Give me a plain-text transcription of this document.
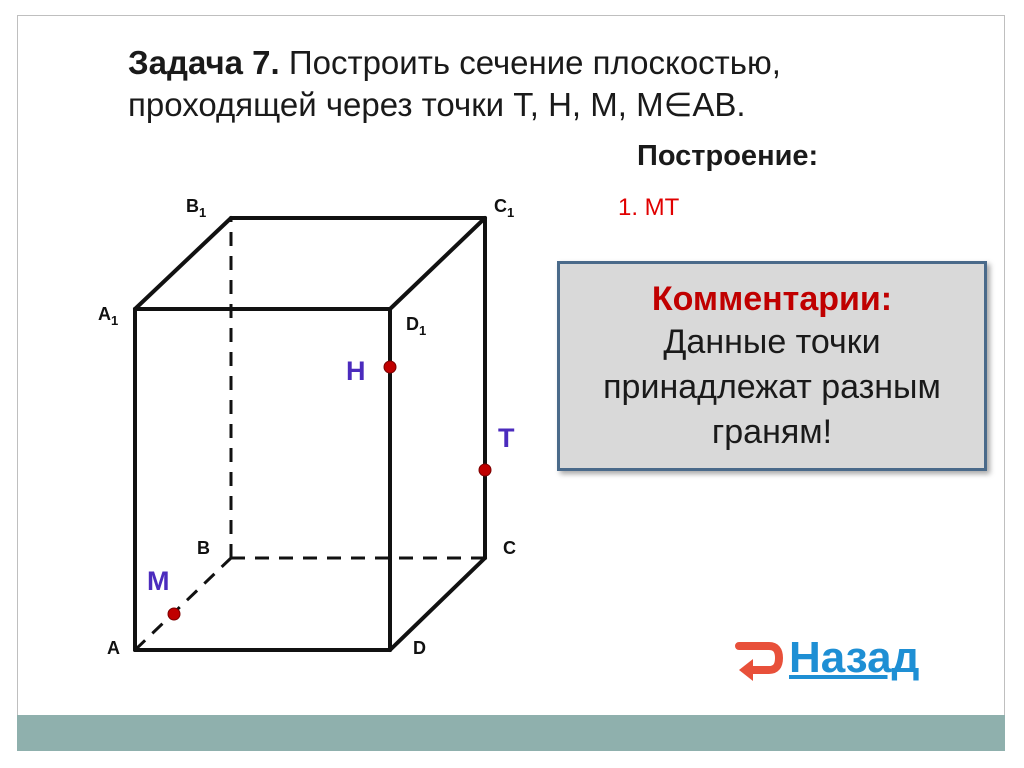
Задача 7. Построить сечение плоскостью,
проходящей через точки T, H, M, M∈AB.
Построение:
1. MT
$B_1$	$C_1$
$A_1$	$D_1$
B	C
A	D
H
T
M
Комментарии:
Данные точки принадлежат разным граням!
Назад
